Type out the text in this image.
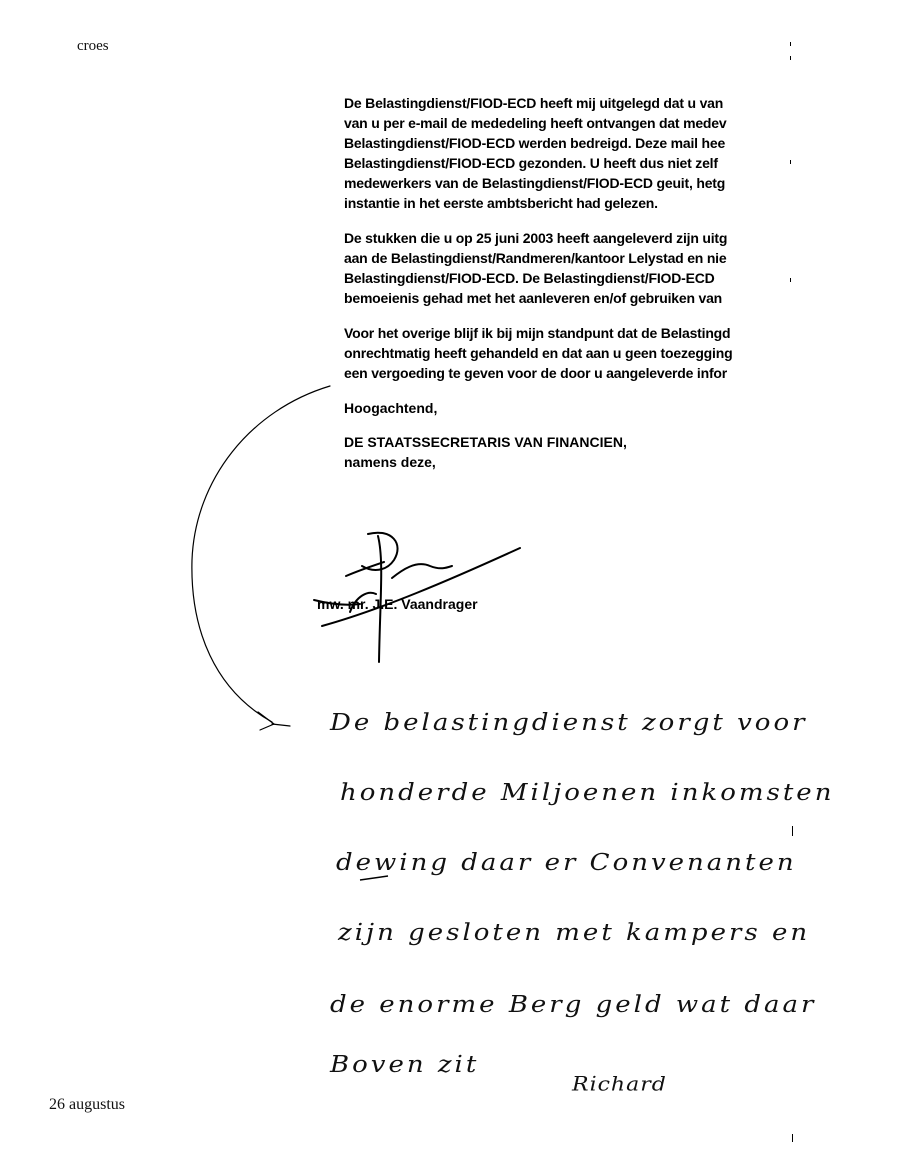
croes
De Belastingdienst/FIOD-ECD heeft mij uitgelegd dat u van
van u per e-mail de mededeling heeft ontvangen dat medev
Belastingdienst/FIOD-ECD werden bedreigd. Deze mail hee
Belastingdienst/FIOD-ECD gezonden. U heeft dus niet zelf
medewerkers van de Belastingdienst/FIOD-ECD geuit, hetg
instantie in het eerste ambtsbericht had gelezen.
De stukken die u op 25 juni 2003 heeft aangeleverd zijn uitg
aan de Belastingdienst/Randmeren/kantoor Lelystad en nie
Belastingdienst/FIOD-ECD. De Belastingdienst/FIOD-ECD
bemoeienis gehad met het aanleveren en/of gebruiken van
Voor het overige blijf ik bij mijn standpunt dat de Belastingd
onrechtmatig heeft gehandeld en dat aan u geen toezegging
een vergoeding te geven voor de door u aangeleverde infor
Hoogachtend,
DE STAATSSECRETARIS VAN FINANCIEN,
namens deze,
mw. mr. J.E. Vaandrager
De belastingdienst zorgt voor
honderde Miljoenen inkomsten
dewing daar er Convenanten
zijn gesloten met kampers en
de enorme Berg geld wat daar
Boven zit
Richard
26 augustus
